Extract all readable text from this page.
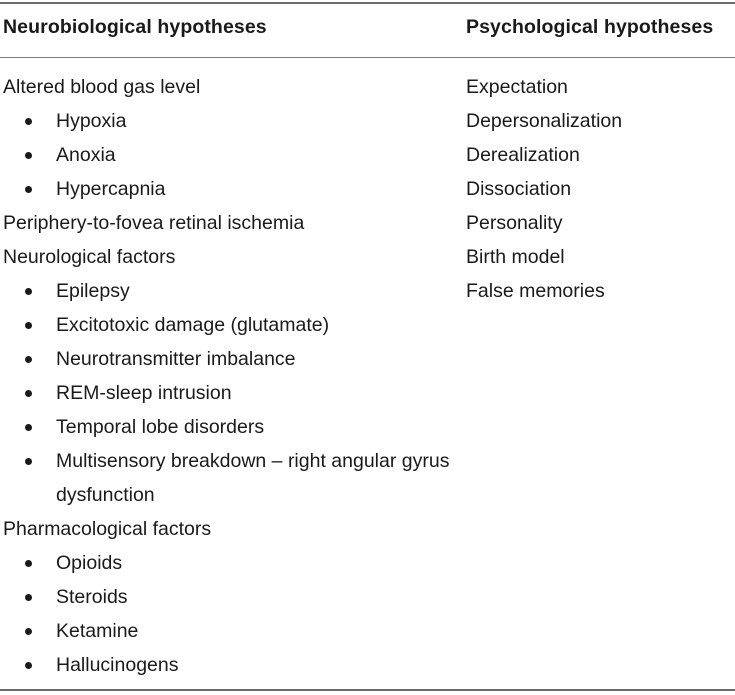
Neurobiological hypotheses	Psychological hypotheses
Altered blood gas level
Hypoxia
Anoxia
Hypercapnia
Periphery-to-fovea retinal ischemia
Neurological factors
Epilepsy
Excitotoxic damage (glutamate)
Neurotransmitter imbalance
REM-sleep intrusion
Temporal lobe disorders
Multisensory breakdown – right angular gyrus dysfunction
Pharmacological factors
Opioids
Steroids
Ketamine
Hallucinogens
Expectation
Depersonalization
Derealization
Dissociation
Personality
Birth model
False memories
